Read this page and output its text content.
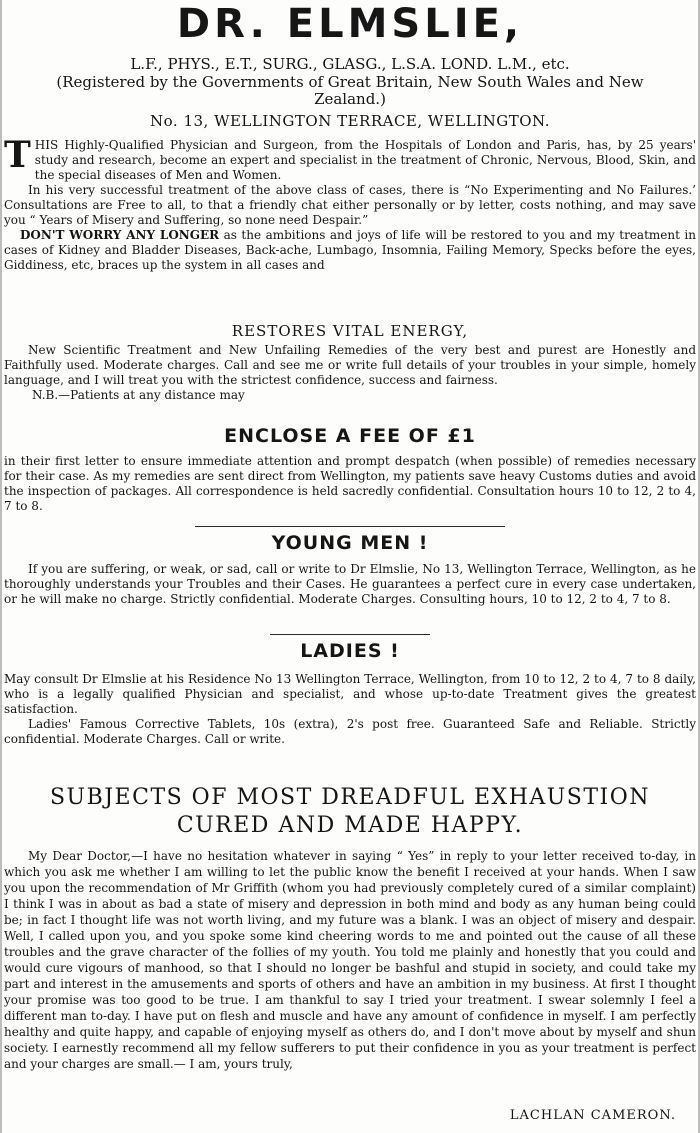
DR. ELMSLIE,

L.F., PHYS., E.T., SURG., GLASG., L.S.A. LOND. L.M., etc.

(Registered by the Governments of Great Britain, New South Wales and New Zealand.)

No. 13, WELLINGTON TERRACE, WELLINGTON.

THIS Highly-Qualified Physician and Surgeon, from the Hospitals of London and Paris, has, by 25 years' study and research, become an expert and specialist in the treatment of Chronic, Nervous, Blood, Skin, and the special diseases of Men and Women.

In his very successful treatment of the above class of cases, there is “No Experimenting and No Failures.’ Consultations are Free to all, to that a friendly chat either personally or by letter, costs nothing, and may save you “ Years of Misery and Suffering, so none need Despair.”

DON'T WORRY ANY LONGER as the ambitions and joys of life will be restored to you and my treatment in cases of Kidney and Bladder Diseases, Back-ache, Lumbago, Insomnia, Failing Memory, Specks before the eyes, Giddiness, etc, braces up the system in all cases and

RESTORES VITAL ENERGY,

New Scientific Treatment and New Unfailing Remedies of the very best and purest are Honestly and Faithfully used. Moderate charges. Call and see me or write full details of your troubles in your simple, homely language, and I will treat you with the strictest confidence, success and fairness.

N.B.—Patients at any distance may

ENCLOSE A FEE OF £1

in their first letter to ensure immediate attention and prompt despatch (when possible) of remedies necessary for their case. As my remedies are sent direct from Wellington, my patients save heavy Customs duties and avoid the inspection of packages. All correspondence is held sacredly confidential. Consultation hours 10 to 12, 2 to 4, 7 to 8.

YOUNG MEN !

If you are suffering, or weak, or sad, call or write to Dr Elmslie, No 13, Wellington Terrace, Wellington, as he thoroughly understands your Troubles and their Cases. He guarantees a perfect cure in every case undertaken, or he will make no charge. Strictly confidential. Moderate Charges. Consulting hours, 10 to 12, 2 to 4, 7 to 8.

LADIES !

May consult Dr Elmslie at his Residence No 13 Wellington Terrace, Wellington, from 10 to 12, 2 to 4, 7 to 8 daily, who is a legally qualified Physician and specialist, and whose up-to-date Treatment gives the greatest satisfaction.

Ladies' Famous Corrective Tablets, 10s (extra), 2's post free. Guaranteed Safe and Reliable. Strictly confidential. Moderate Charges. Call or write.

SUBJECTS OF MOST DREADFUL EXHAUSTION

CURED AND MADE HAPPY.

My Dear Doctor,—I have no hesitation whatever in saying “ Yes” in reply to your letter received to-day, in which you ask me whether I am willing to let the public know the benefit I received at your hands. When I saw you upon the recommendation of Mr Griffith (whom you had previously completely cured of a similar complaint) I think I was in about as bad a state of misery and depression in both mind and body as any human being could be; in fact I thought life was not worth living, and my future was a blank. I was an object of misery and despair. Well, I called upon you, and you spoke some kind cheering words to me and pointed out the cause of all these troubles and the grave character of the follies of my youth. You told me plainly and honestly that you could and would cure vigours of manhood, so that I should no longer be bashful and stupid in society, and could take my part and interest in the amusements and sports of others and have an ambition in my business. At first I thought your promise was too good to be true. I am thankful to say I tried your treatment. I swear solemnly I feel a different man to-day. I have put on flesh and muscle and have any amount of confidence in myself. I am perfectly healthy and quite happy, and capable of enjoying myself as others do, and I don't move about by myself and shun society. I earnestly recommend all my fellow sufferers to put their confidence in you as your treatment is perfect and your charges are small.— I am, yours truly,

LACHLAN CAMERON.
